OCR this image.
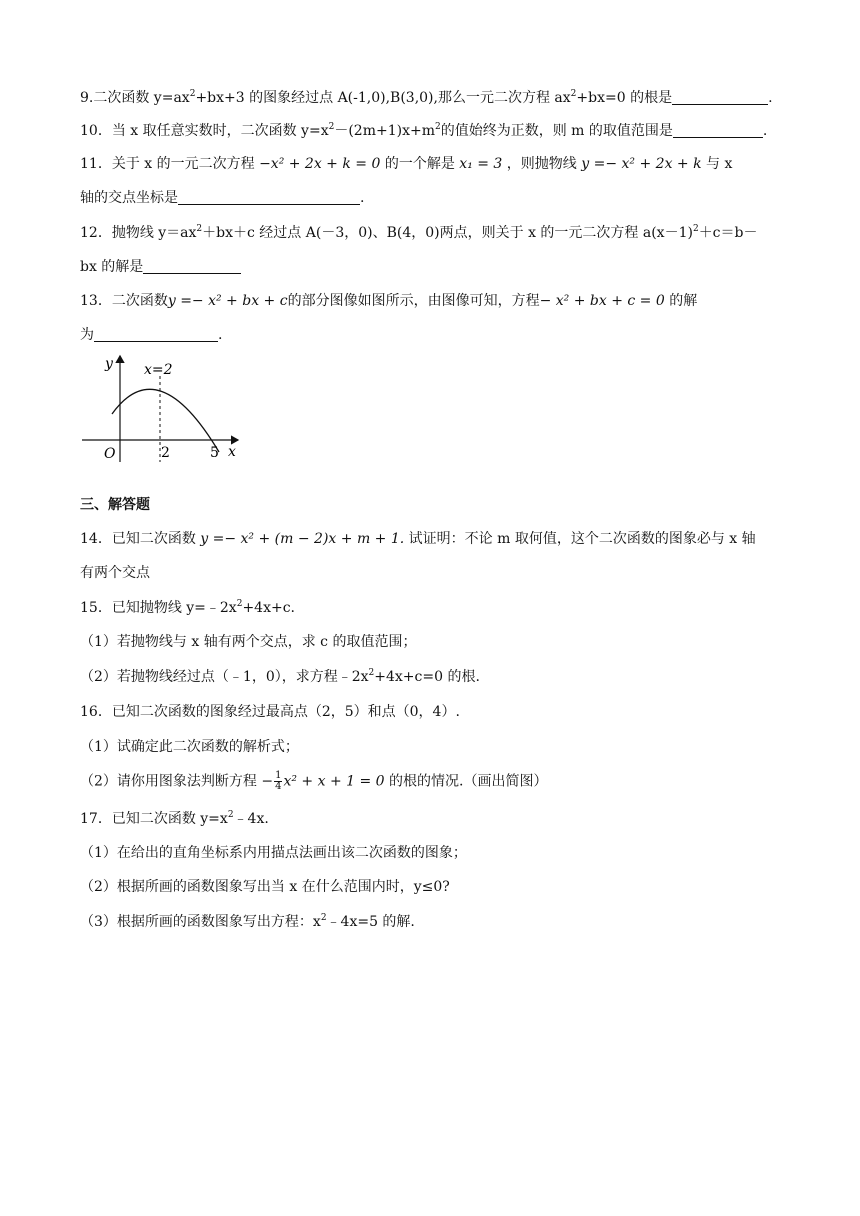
9.二次函数 $y=ax^2+bx+3$ 的图象经过点 A(-1,0),B(3,0),那么一元二次方程 $ax^2+bx=0$ 的根是	.
10．当 x 取任意实数时，二次函数 $y=x^2-(2m+1)x+m^2$的值始终为正数，则 m 的取值范围是	.
11．关于 x 的一元二次方程 −x² + 2x + k = 0 的一个解是 x₁ = 3 ，则抛物线 y =− x² + 2x + k 与 x
轴的交点坐标是	.
12．抛物线 $y=ax^2+bx+c$ 经过点 A(－3，0)、B(4，0)两点，则关于 x 的一元二次方程 $a(x-1)^2+c=b-$
bx 的解是
13．二次函数y =− x² + bx + c的部分图像如图所示，由图像可知，方程− x² + bx + c = 0 的解
为	.
y
x
O
x=2
2	5
三、解答题
14．已知二次函数 y =− x² + (m − 2)x + m + 1. 试证明：不论 m 取何值，这个二次函数的图象必与 x 轴
有两个交点
15．已知抛物线 $y=﹣2x^2+4x+c$.
（1）若抛物线与 x 轴有两个交点，求 c 的取值范围；
（2）若抛物线经过点（﹣1，0），求方程$﹣2x^2+4x+c=0$ 的根.
16．已知二次函数的图象经过最高点（2，5）和点（0，4）.
（1）试确定此二次函数的解析式；
（2）请你用图象法判断方程 − $\frac{1}{4} x^2 + x + 1 = 0$ 的根的情况.（画出简图）
17．已知二次函数 $y=x^2﹣4x$.
（1）在给出的直角坐标系内用描点法画出该二次函数的图象；
（2）根据所画的函数图象写出当 x 在什么范围内时，y≤0?
（3）根据所画的函数图象写出方程：$x^2﹣4x=5$ 的解.
